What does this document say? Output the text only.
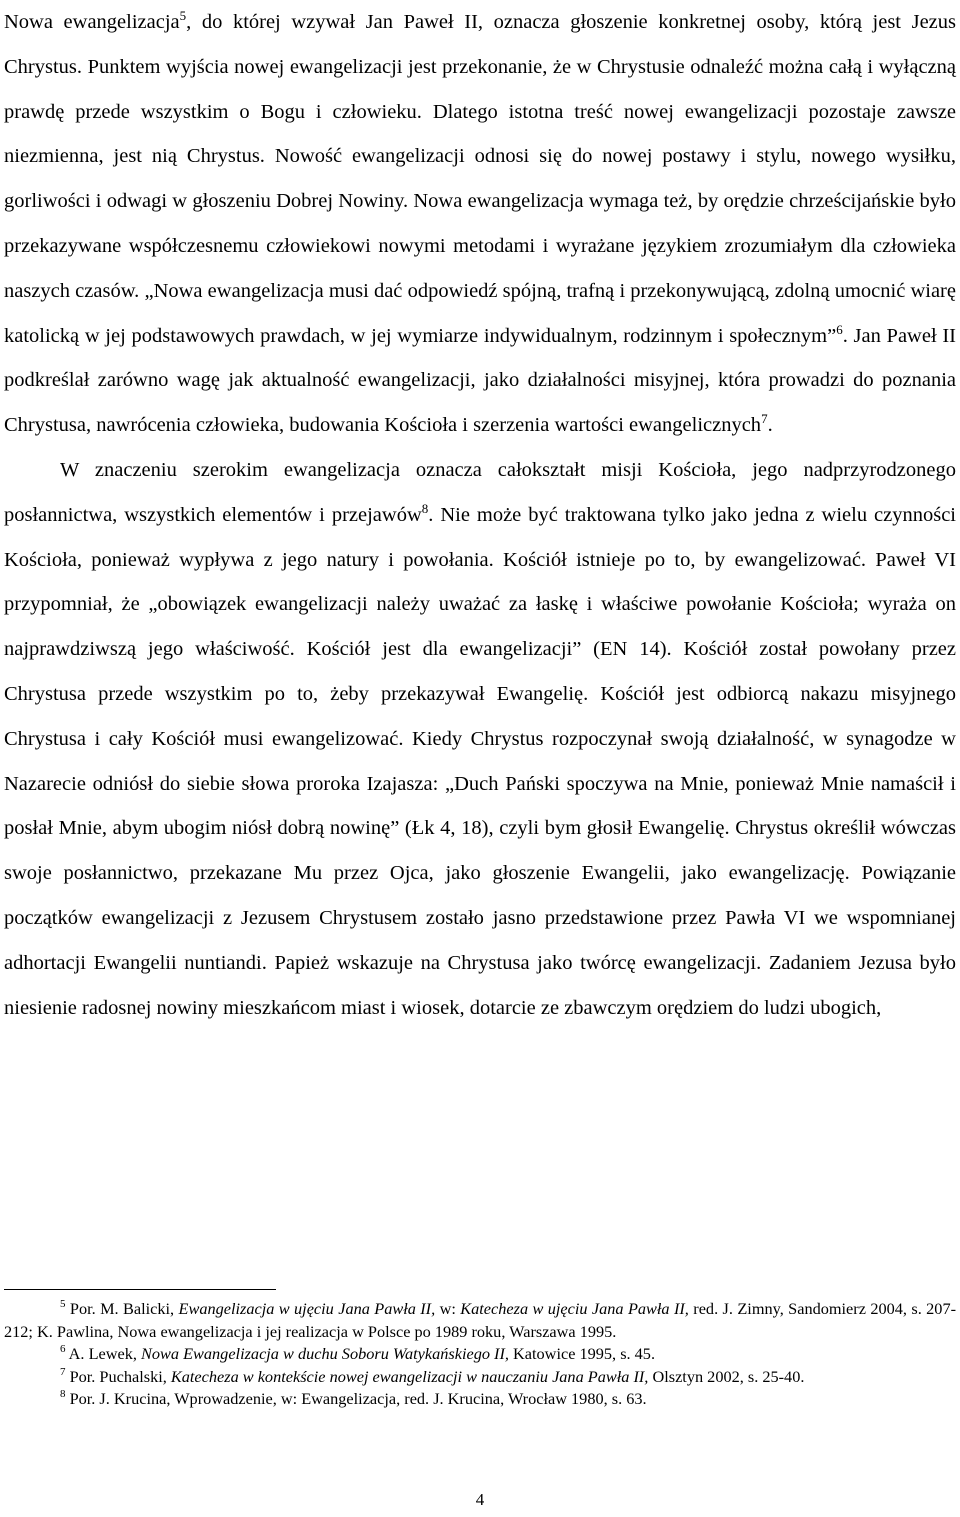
Nowa ewangelizacja$^5$, do której wzywał Jan Paweł II, oznacza głoszenie konkretnej osoby, którą jest Jezus Chrystus. Punktem wyjścia nowej ewangelizacji jest przekonanie, że w Chrystusie odnaleźć można całą i wyłączną prawdę przede wszystkim o Bogu i człowieku. Dlatego istotna treść nowej ewangelizacji pozostaje zawsze niezmienna, jest nią Chrystus. Nowość ewangelizacji odnosi się do nowej postawy i stylu, nowego wysiłku, gorliwości i odwagi w głoszeniu Dobrej Nowiny. Nowa ewangelizacja wymaga też, by orędzie chrześcijańskie było przekazywane współczesnemu człowiekowi nowymi metodami i wyrażane językiem zrozumiałym dla człowieka naszych czasów. „Nowa ewangelizacja musi dać odpowiedź spójną, trafną i przekonywującą, zdolną umocnić wiarę katolicką w jej podstawowych prawdach, w jej wymiarze indywidualnym, rodzinnym i społecznym”$^6$. Jan Paweł II podkreślał zarówno wagę jak aktualność ewangelizacji, jako działalności misyjnej, która prowadzi do poznania Chrystusa, nawrócenia człowieka, budowania Kościoła i szerzenia wartości ewangelicznych$^7$.

W znaczeniu szerokim ewangelizacja oznacza całokształt misji Kościoła, jego nadprzyrodzonego posłannictwa, wszystkich elementów i przejawów$^8$. Nie może być traktowana tylko jako jedna z wielu czynności Kościoła, ponieważ wypływa z jego natury i powołania. Kościół istnieje po to, by ewangelizować. Paweł VI przypomniał, że „obowiązek ewangelizacji należy uważać za łaskę i właściwe powołanie Kościoła; wyraża on najprawdziwszą jego właściwość. Kościół jest dla ewangelizacji” (EN 14). Kościół został powołany przez Chrystusa przede wszystkim po to, żeby przekazywał Ewangelię. Kościół jest odbiorcą nakazu misyjnego Chrystusa i cały Kościół musi ewangelizować. Kiedy Chrystus rozpoczynał swoją działalność, w synagodze w Nazarecie odniósł do siebie słowa proroka Izajasza: „Duch Pański spoczywa na Mnie, ponieważ Mnie namaścił i posłał Mnie, abym ubogim niósł dobrą nowinę” (Łk 4, 18), czyli bym głosił Ewangelię. Chrystus określił wówczas swoje posłannictwo, przekazane Mu przez Ojca, jako głoszenie Ewangelii, jako ewangelizację. Powiązanie początków ewangelizacji z Jezusem Chrystusem zostało jasno przedstawione przez Pawła VI we wspomnianej adhortacji Ewangelii nuntiandi. Papież wskazuje na Chrystusa jako twórcę ewangelizacji. Zadaniem Jezusa było niesienie radosnej nowiny mieszkańcom miast i wiosek, dotarcie ze zbawczym orędziem do ludzi ubogich,

$^5$ Por. M. Balicki, Ewangelizacja w ujęciu Jana Pawła II, w: Katecheza w ujęciu Jana Pawła II, red. J. Zimny, Sandomierz 2004, s. 207-212; K. Pawlina, Nowa ewangelizacja i jej realizacja w Polsce po 1989 roku, Warszawa 1995.

$^6$ A. Lewek, Nowa Ewangelizacja w duchu Soboru Watykańskiego II, Katowice 1995, s. 45.

$^7$ Por. Puchalski, Katecheza w kontekście nowej ewangelizacji w nauczaniu Jana Pawła II, Olsztyn 2002, s. 25-40.

$^8$ Por. J. Krucina, Wprowadzenie, w: Ewangelizacja, red. J. Krucina, Wrocław 1980, s. 63.

4
